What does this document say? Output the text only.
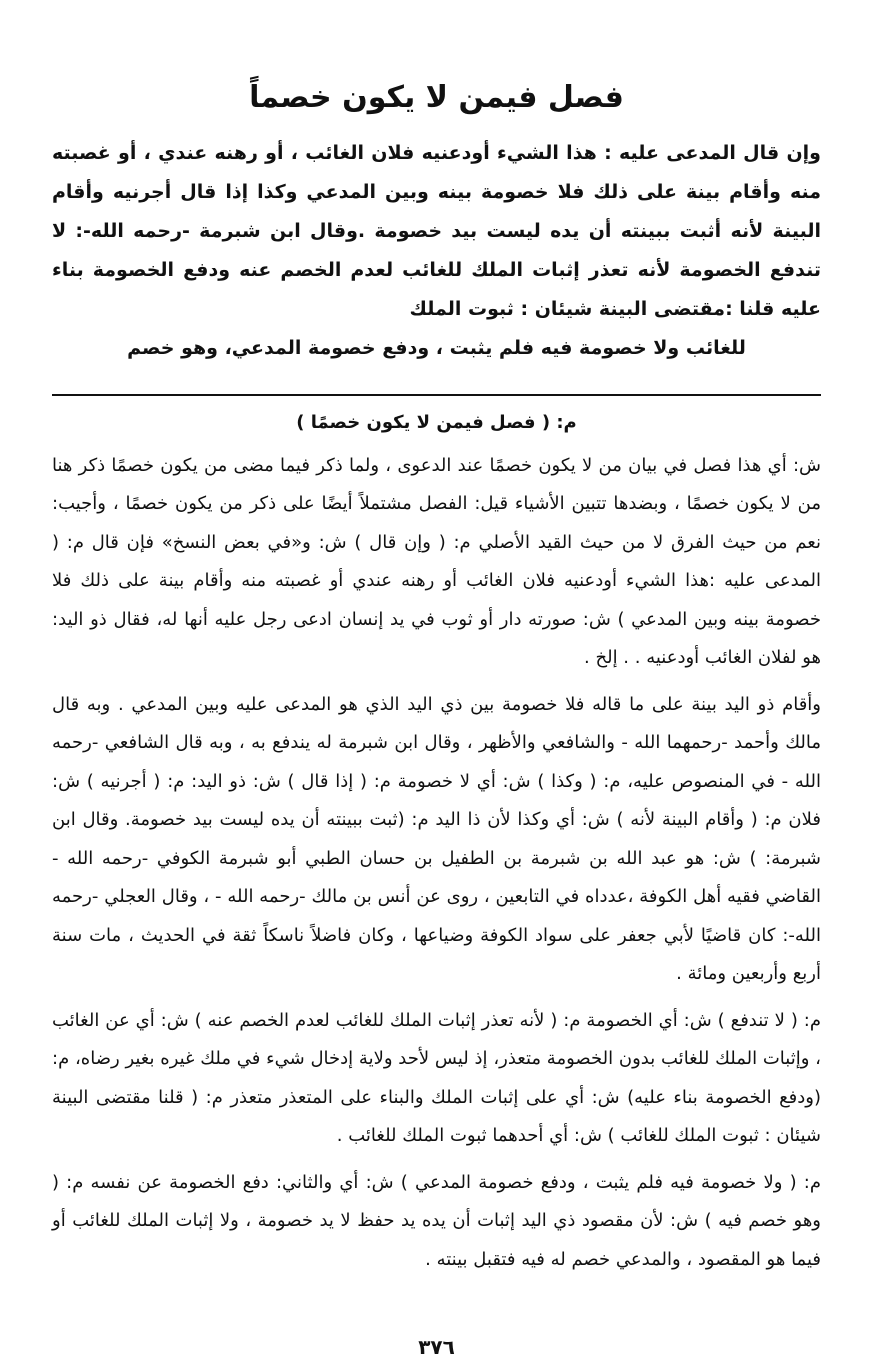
فصل فيمن لا يكون خصماً

وإن قال المدعى عليه : هذا الشيء أودعنيه فلان الغائب ، أو رهنه عندي ، أو غصبته منه وأقام بينة على ذلك فلا خصومة بينه وبين المدعي وكذا إذا قال أجرنيه وأقام البينة لأنه أثبت ببينته أن يده ليست بيد خصومة .وقال ابن شبرمة -رحمه الله-: لا تندفع الخصومة لأنه تعذر إثبات الملك للغائب لعدم الخصم عنه ودفع الخصومة بناء عليه قلنا :مقتضى البينة شيئان : ثبوت الملك

للغائب ولا خصومة فيه فلم يثبت ، ودفع خصومة المدعي، وهو خصم

م: ( فصل فيمن لا يكون خصمًا )

ش: أي هذا فصل في بيان من لا يكون خصمًا عند الدعوى ، ولما ذكر فيما مضى من يكون خصمًا ذكر هنا من لا يكون خصمًا ، وبضدها تتبين الأشياء قيل: الفصل مشتملاً أيضًا على ذكر من يكون خصمًا ، وأجيب: نعم من حيث الفرق لا من حيث القيد الأصلي م: ( وإن قال ) ش: و«في بعض النسخ» فإن قال م: ( المدعى عليه :هذا الشيء أودعنيه فلان الغائب أو رهنه عندي أو غصبته منه وأقام بينة على ذلك فلا خصومة بينه وبين المدعي ) ش: صورته دار أو ثوب في يد إنسان ادعى رجل عليه أنها له، فقال ذو اليد: هو لفلان الغائب أودعنيه . . إلخ .

وأقام ذو اليد بينة على ما قاله فلا خصومة بين ذي اليد الذي هو المدعى عليه وبين المدعي . وبه قال مالك وأحمد -رحمهما الله - والشافعي والأظهر ، وقال ابن شبرمة له يندفع به ، وبه قال الشافعي -رحمه الله - في المنصوص عليه، م: ( وكذا ) ش: أي لا خصومة م: ( إذا قال ) ش: ذو اليد: م: ( أجرنيه ) ش: فلان م: ( وأقام البينة لأنه ) ش: أي وكذا لأن ذا اليد م: (ثبت ببينته أن يده ليست بيد خصومة. وقال ابن شبرمة: ) ش: هو عبد الله بن شبرمة بن الطفيل بن حسان الطبي أبو شبرمة الكوفي -رحمه الله - القاضي فقيه أهل الكوفة ،عدداه في التابعين ، روى عن أنس بن مالك -رحمه الله - ، وقال العجلي -رحمه الله-: كان قاضيًا لأبي جعفر على سواد الكوفة وضياعها ، وكان فاضلاً ناسكاً ثقة في الحديث ، مات سنة أربع وأربعين ومائة .

م: ( لا تندفع ) ش: أي الخصومة م: ( لأنه تعذر إثبات الملك للغائب لعدم الخصم عنه ) ش: أي عن الغائب ، وإثبات الملك للغائب بدون الخصومة متعذر، إذ ليس لأحد ولاية إدخال شيء في ملك غيره بغير رضاه، م: (ودفع الخصومة بناء عليه) ش: أي على إثبات الملك والبناء على المتعذر متعذر م: ( قلنا مقتضى البينة شيئان : ثبوت الملك للغائب ) ش: أي أحدهما ثبوت الملك للغائب .

م: ( ولا خصومة فيه فلم يثبت ، ودفع خصومة المدعي ) ش: أي والثاني: دفع الخصومة عن نفسه م: ( وهو خصم فيه ) ش: لأن مقصود ذي اليد إثبات أن يده يد حفظ لا يد خصومة ، ولا إثبات الملك للغائب أو فيما هو المقصود ، والمدعي خصم له فيه فتقبل بينته .

٣٧٦
